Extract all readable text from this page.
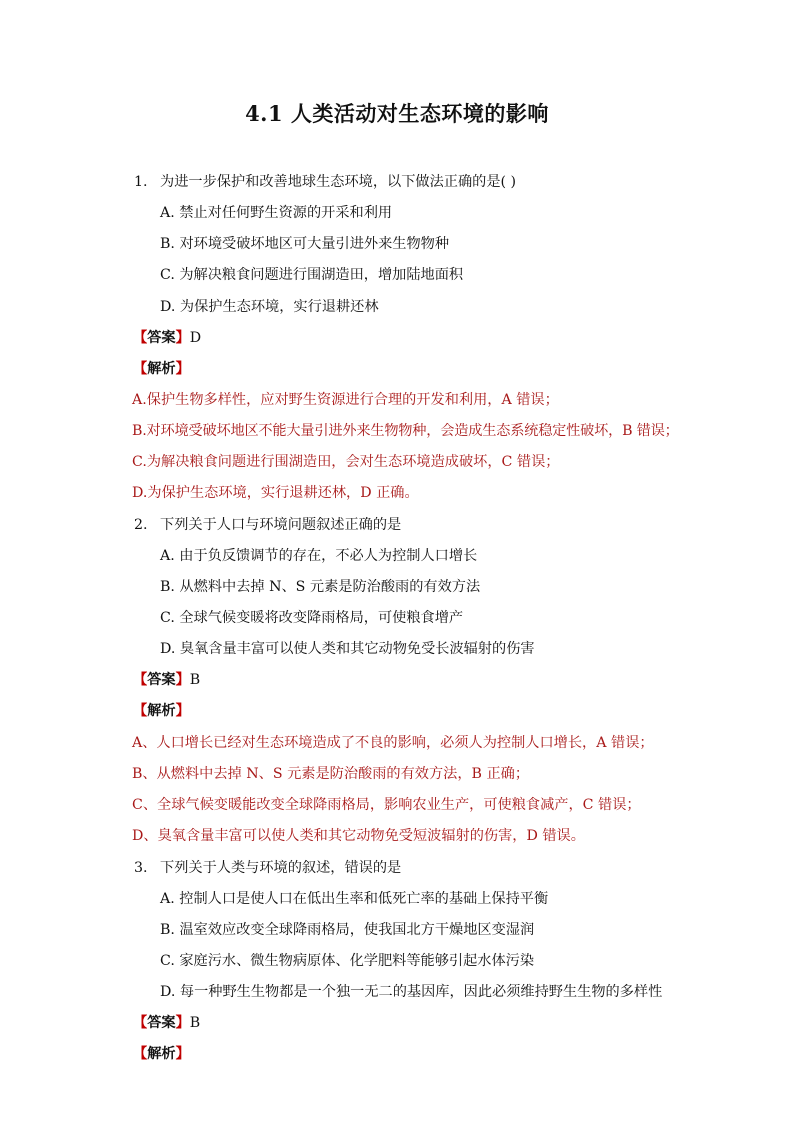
4.1 人类活动对生态环境的影响
1. 为进一步保护和改善地球生态环境，以下做法正确的是( )
A. 禁止对任何野生资源的开采和利用
B. 对环境受破坏地区可大量引进外来生物物种
C. 为解决粮食问题进行围湖造田，增加陆地面积
D. 为保护生态环境，实行退耕还林
【答案】D
【解析】
A.保护生物多样性，应对野生资源进行合理的开发和利用，A 错误；
B.对环境受破坏地区不能大量引进外来生物物种，会造成生态系统稳定性破坏，B 错误；
C.为解决粮食问题进行围湖造田，会对生态环境造成破坏，C 错误；
D.为保护生态环境，实行退耕还林，D 正确。
2. 下列关于人口与环境问题叙述正确的是
A. 由于负反馈调节的存在，不必人为控制人口增长
B. 从燃料中去掉 N、S 元素是防治酸雨的有效方法
C. 全球气候变暖将改变降雨格局，可使粮食增产
D. 臭氧含量丰富可以使人类和其它动物免受长波辐射的伤害
【答案】B
【解析】
A、人口增长已经对生态环境造成了不良的影响，必须人为控制人口增长，A 错误；
B、从燃料中去掉 N、S 元素是防治酸雨的有效方法，B 正确；
C、全球气候变暖能改变全球降雨格局，影响农业生产，可使粮食减产，C 错误；
D、臭氧含量丰富可以使人类和其它动物免受短波辐射的伤害，D 错误。
3. 下列关于人类与环境的叙述，错误的是
A. 控制人口是使人口在低出生率和低死亡率的基础上保持平衡
B. 温室效应改变全球降雨格局，使我国北方干燥地区变湿润
C. 家庭污水、微生物病原体、化学肥料等能够引起水体污染
D. 每一种野生生物都是一个独一无二的基因库，因此必须维持野生生物的多样性
【答案】B
【解析】
